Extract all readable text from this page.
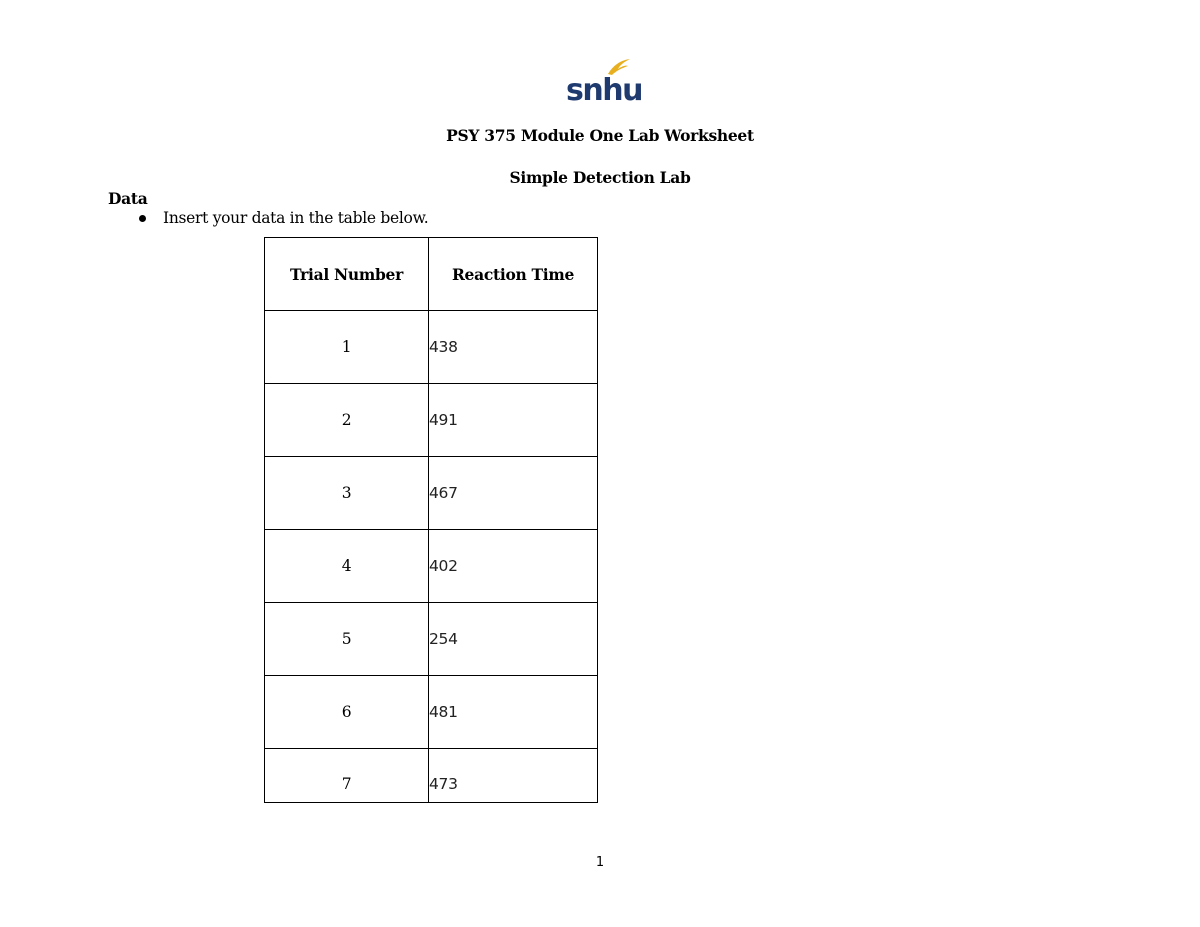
snhu
PSY 375 Module One Lab Worksheet
Simple Detection Lab
Data
Insert your data in the table below.
Trial Number	Reaction Time
1	438
2	491
3	467
4	402
5	254
6	481
7	473
1
